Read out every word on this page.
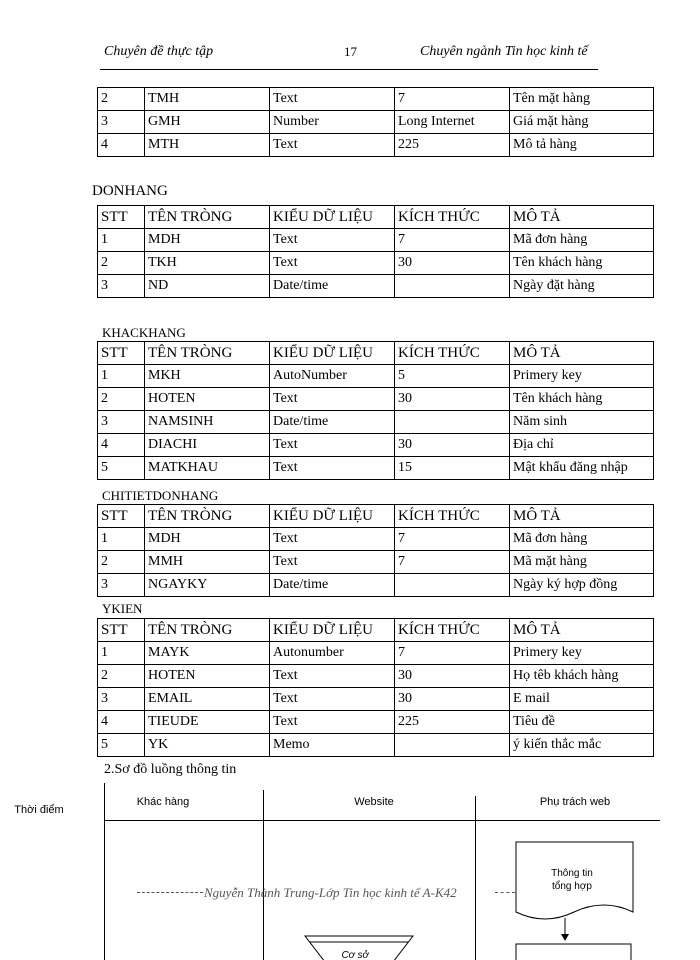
Chuyên đề thực tập	17	Chuyên ngành Tin học kinh tế
2	TMH	Text	7	Tên mặt hàng
3	GMH	Number	Long Internet	Giá mặt hàng
4	MTH	Text	225	Mô tả hàng
DONHANG
STT	TÊN TRÒNG	KIỂU DỮ LIỆU	KÍCH THỨC	MÔ TẢ
1	MDH	Text	7	Mã đơn hàng
2	TKH	Text	30	Tên khách hàng
3	ND	Date/time		Ngày đặt hàng
KHACKHANG
STT	TÊN TRÒNG	KIỂU DỮ LIỆU	KÍCH THỨC	MÔ TẢ
1	MKH	AutoNumber	5	Primery key
2	HOTEN	Text	30	Tên khách hàng
3	NAMSINH	Date/time		Năm sinh
4	DIACHI	Text	30	Địa chỉ
5	MATKHAU	Text	15	Mật khẩu đăng nhập
CHITIETDONHANG
STT	TÊN TRÒNG	KIỂU DỮ LIỆU	KÍCH THỨC	MÔ TẢ
1	MDH	Text	7	Mã đơn hàng
2	MMH	Text	7	Mã mặt hàng
3	NGAYKY	Date/time		Ngày ký hợp đồng
YKIEN
STT	TÊN TRÒNG	KIỂU DỮ LIỆU	KÍCH THỨC	MÔ TẢ
1	MAYK	Autonumber	7	Primery key
2	HOTEN	Text	30	Họ têb khách hàng
3	EMAIL	Text	30	E mail
4	TIEUDE	Text	225	Tiêu đề
5	YK	Memo		ý kiến thắc mắc
2.Sơ đồ luồng thông tin
Thời điểm
Khác hàng	Website	Phụ trách web
Thông tin
tổng hợp
Cơ sở
Nguyễn Thành Trung-Lớp Tin học kinh tế A-K42
